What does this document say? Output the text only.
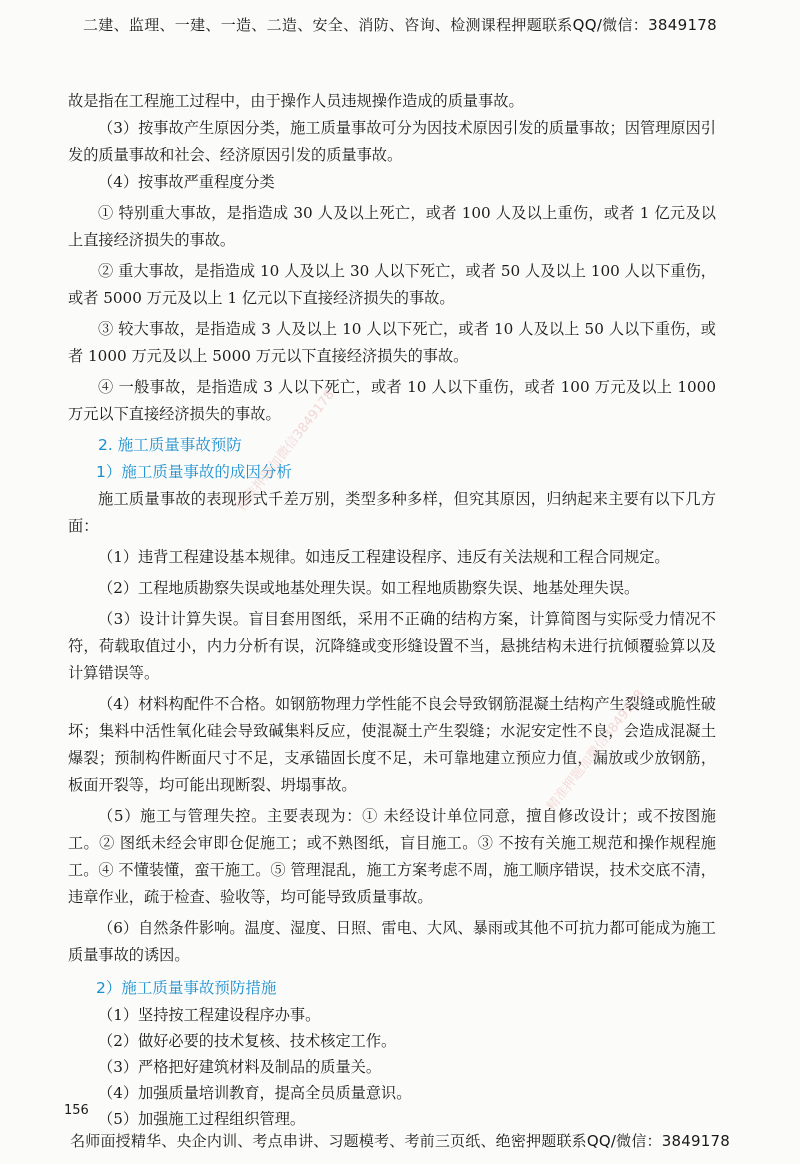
二建、监理、一建、一造、二造、安全、消防、咨询、检测课程押题联系QQ/微信：3849178

故是指在工程施工过程中，由于操作人员违规操作造成的质量事故。

（3）按事故产生原因分类，施工质量事故可分为因技术原因引发的质量事故；因管理原因引发的质量事故和社会、经济原因引发的质量事故。

（4）按事故严重程度分类

① 特别重大事故，是指造成 30 人及以上死亡，或者 100 人及以上重伤，或者 1 亿元及以上直接经济损失的事故。

② 重大事故，是指造成 10 人及以上 30 人以下死亡，或者 50 人及以上 100 人以下重伤，或者 5000 万元及以上 1 亿元以下直接经济损失的事故。

③ 较大事故，是指造成 3 人及以上 10 人以下死亡，或者 10 人及以上 50 人以下重伤，或者 1000 万元及以上 5000 万元以下直接经济损失的事故。

④ 一般事故，是指造成 3 人以下死亡，或者 10 人以下重伤，或者 100 万元及以上 1000 万元以下直接经济损失的事故。

2. 施工质量事故预防
1）施工质量事故的成因分析

施工质量事故的表现形式千差万别，类型多种多样，但究其原因，归纳起来主要有以下几方面：

（1）违背工程建设基本规律。如违反工程建设程序、违反有关法规和工程合同规定。

（2）工程地质勘察失误或地基处理失误。如工程地质勘察失误、地基处理失误。

（3）设计计算失误。盲目套用图纸，采用不正确的结构方案，计算简图与实际受力情况不符，荷载取值过小，内力分析有误，沉降缝或变形缝设置不当，悬挑结构未进行抗倾覆验算以及计算错误等。

（4）材料构配件不合格。如钢筋物理力学性能不良会导致钢筋混凝土结构产生裂缝或脆性破坏；集料中活性氧化硅会导致碱集料反应，使混凝土产生裂缝；水泥安定性不良，会造成混凝土爆裂；预制构件断面尺寸不足，支承锚固长度不足，未可靠地建立预应力值，漏放或少放钢筋，板面开裂等，均可能出现断裂、坍塌事故。

（5）施工与管理失控。主要表现为：① 未经设计单位同意，擅自修改设计；或不按图施工。② 图纸未经会审即仓促施工；或不熟图纸，盲目施工。③ 不按有关施工规范和操作规程施工。④ 不懂装懂，蛮干施工。⑤ 管理混乱，施工方案考虑不周，施工顺序错误，技术交底不清，违章作业，疏于检查、验收等，均可能导致质量事故。

（6）自然条件影响。温度、湿度、日照、雷电、大风、暴雨或其他不可抗力都可能成为施工质量事故的诱因。

2）施工质量事故预防措施
（1）坚持按工程建设程序办事。
（2）做好必要的技术复核、技术核定工作。
（3）严格把好建筑材料及制品的质量关。
（4）加强质量培训教育，提高全员质量意识。
（5）加强施工过程组织管理。
精准押题加微信3849178
精准押题加微信3849178
156
名师面授精华、央企内训、考点串讲、习题模考、考前三页纸、绝密押题联系QQ/微信：3849178
